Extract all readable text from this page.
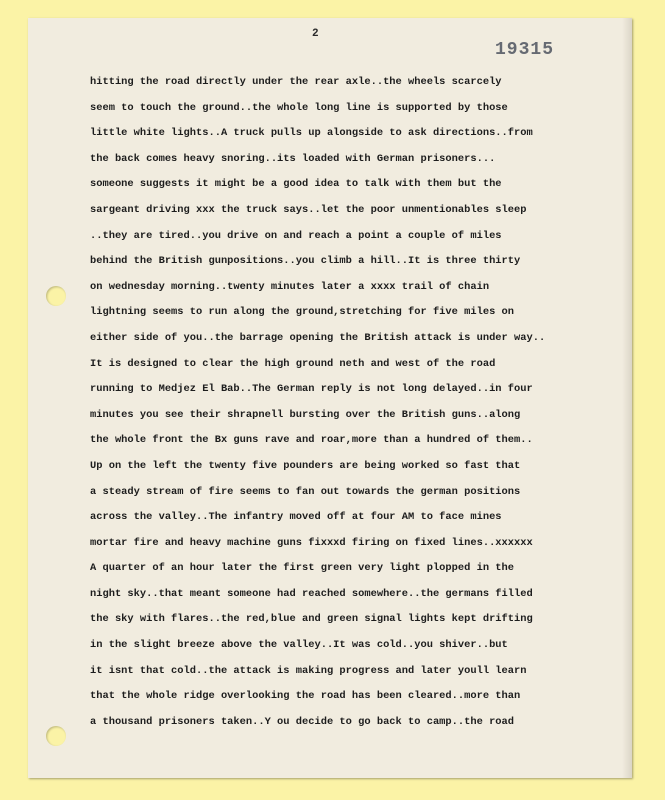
2
19315
hitting the road directly under the rear axle..the wheels scarcely
seem to touch the ground..the whole long line is supported by those
little white lights..A truck pulls up alongside to ask directions..from
the back comes heavy snoring..its loaded with German prisoners...
someone suggests it might be a good idea to talk with them but the
sargeant driving xxx the truck says..let the poor unmentionables sleep
..they are tired..you drive on and reach a point a couple of miles
behind the British gunpositions..you climb a hill..It is three thirty
on wednesday morning..twenty minutes later a xxxx trail of chain
lightning seems to run along the ground,stretching for five miles on
either side of you..the barrage opening the British attack is under way..
It is designed to clear the high ground neth and west of the road
running to Medjez El Bab..The German reply is not long delayed..in four
minutes you see their shrapnell bursting over the British guns..along
the whole front the Bx guns rave and roar,more than a hundred of them..
Up on the left the twenty five pounders are being worked so fast that
a steady stream of fire seems to fan out towards the german positions
across the valley..The infantry moved off at four AM to face mines
mortar fire and heavy machine guns fixxxd firing on fixed lines..xxxxxx
A quarter of an hour later the first green very light plopped in the
night sky..that meant someone had reached somewhere..the germans filled
the sky with flares..the red,blue and green signal lights kept drifting
in the slight breeze above the valley..It was cold..you shiver..but
it isnt that cold..the attack is making progress and later youll learn
that the whole ridge overlooking the road has been cleared..more than
a thousand prisoners taken..Y ou decide to go back to camp..the road
